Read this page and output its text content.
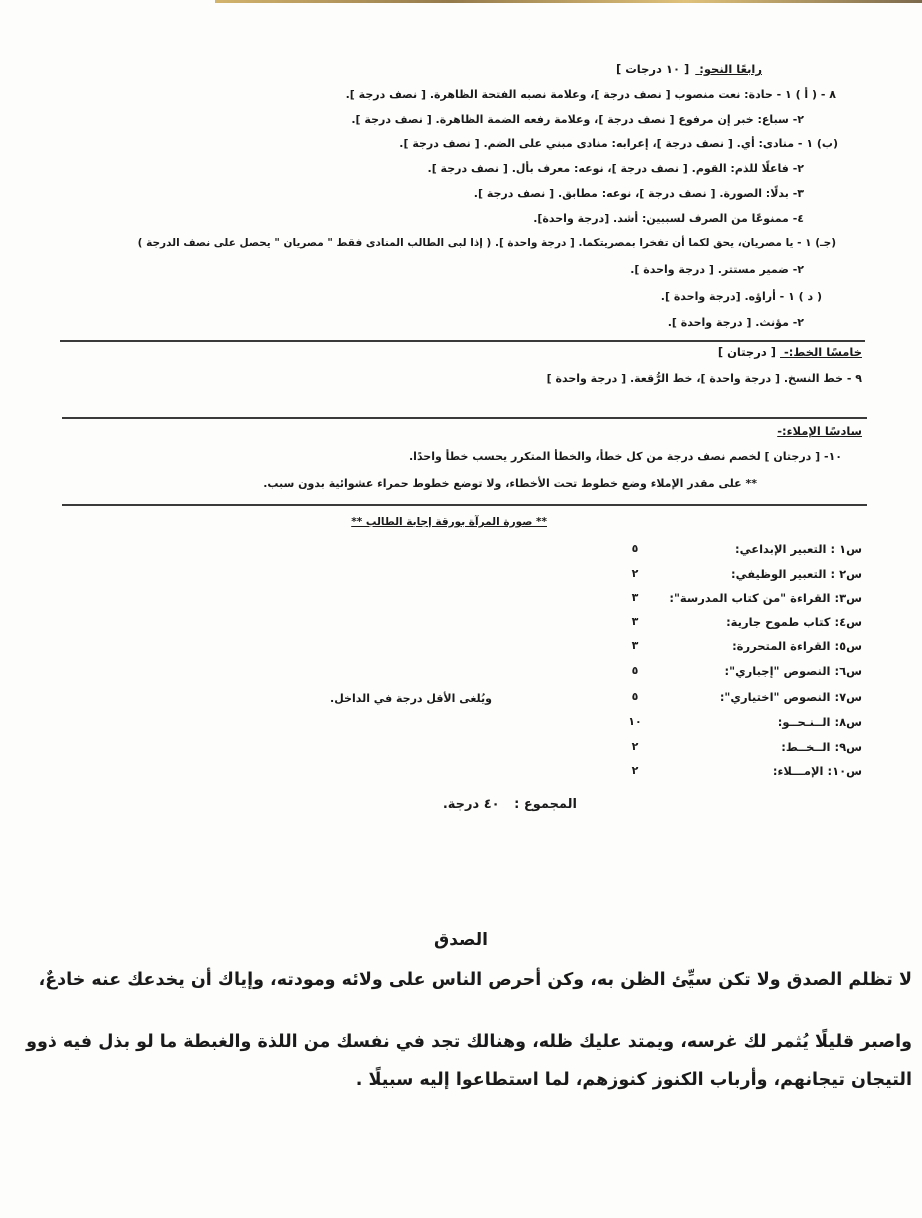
رابعًا النحو: [ ١٠ درجات ]
٨ - ( أ ) ١ - حادة: نعت منصوب [ نصف درجة ]، وعلامة نصبه الفتحة الظاهرة. [ نصف درجة ].
٢- سباع: خبر إن مرفوع [ نصف درجة ]، وعلامة رفعه الضمة الظاهرة. [ نصف درجة ].
(ب) ١ - منادى: أي. [ نصف درجة ]، إعرابه: منادى مبني على الضم. [ نصف درجة ].
٢- فاعلًا للذم: القوم. [ نصف درجة ]، نوعه: معرف بأل. [ نصف درجة ].
٣- بدلًا: الصورة. [ نصف درجة ]، نوعه: مطابق. [ نصف درجة ].
٤- ممنوعًا من الصرف لسببين: أشد. [درجة واحدة].
(جـ) ١ - يا مصريان، يحق لكما أن تفخرا بمصريتكما. [ درجة واحدة ]. ( إذا لبى الطالب المنادى فقط " مصريان " يحصل على نصف الدرجة )
٢- ضمير مستتر. [ درجة واحدة ].
( د ) ١ - أراؤه. [درجة واحدة ].
٢- مؤنث. [ درجة واحدة ].
خامسًا الخط:- [ درجتان ]
٩ - خط النسخ. [ درجة واحدة ]، خط الرُّقعة. [ درجة واحدة ]
سادسًا الإملاء:-
١٠- [ درجتان ] لخصم نصف درجة من كل خطأ، والخطأ المتكرر يحسب خطأ واحدًا.
** على مقدر الإملاء وضع خطوط تحت الأخطاء، ولا توضع خطوط حمراء عشوائية بدون سبب.
** صورة المرآة بورقة إجابة الطالب **
س١ : التعبير الإبداعي:
٥
س٢ : التعبير الوظيفي:
٢
س٣: القراءة "من كتاب المدرسة":
٣
س٤: كتاب طموح جارية:
٣
س٥: القراءة المتحررة:
٣
س٦: النصوص "إجباري":
٥
س٧: النصوص "اختياري":
٥
س٨: الــنـحــو:
١٠
س٩: الــخــط:
٢
س١٠: الإمـــلاء:
٢
ويُلغى الأقل درجة في الداخل.
المجموع : ٤٠ درجة.
الصدق
لا تظلم الصدق ولا تكن سيِّئ الظن به، وكن أحرص الناس على ولائه ومودته، وإياك أن يخدعك عنه خادعٌ،
واصبر قليلًا يُثمر لك غرسه، ويمتد عليك ظله، وهنالك تجد في نفسك من اللذة والغبطة ما لو بذل فيه ذوو
التيجان تيجانهم، وأرباب الكنوز كنوزهم، لما استطاعوا إليه سبيلًا .
